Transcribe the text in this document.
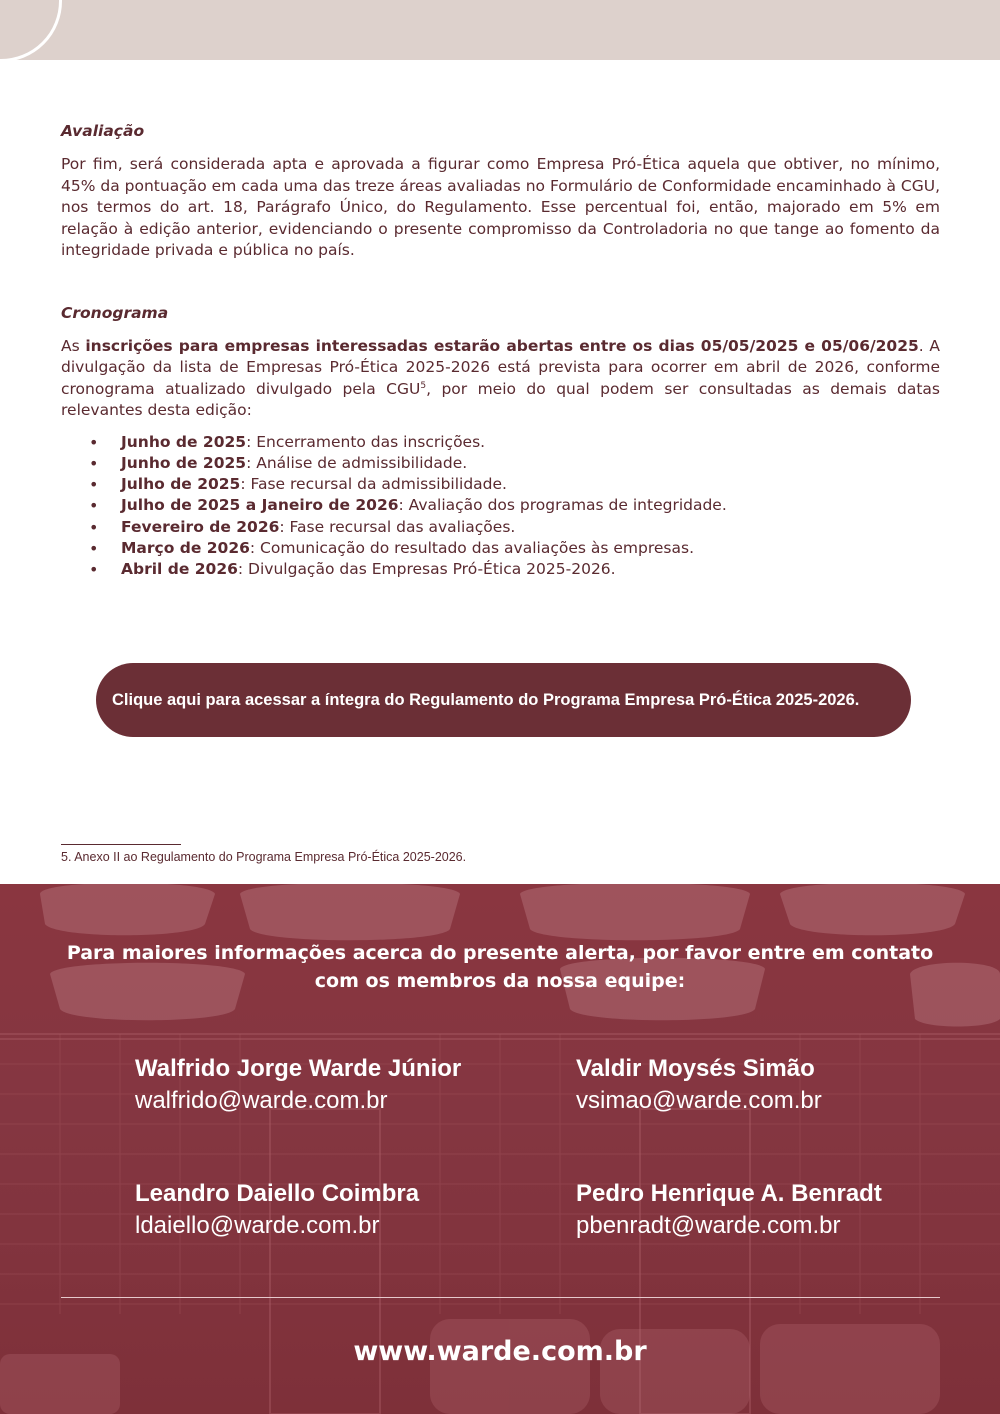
Avaliação

Por fim, será considerada apta e aprovada a figurar como Empresa Pró-Ética aquela que obtiver, no mínimo, 45% da pontuação em cada uma das treze áreas avaliadas no Formulário de Conformidade encaminhado à CGU, nos termos do art. 18, Parágrafo Único, do Regulamento. Esse percentual foi, então, majorado em 5% em relação à edição anterior, evidenciando o presente compromisso da Controladoria no que tange ao fomento da integridade privada e pública no país.

Cronograma

As inscrições para empresas interessadas estarão abertas entre os dias 05/05/2025 e 05/06/2025. A divulgação da lista de Empresas Pró-Ética 2025-2026 está prevista para ocorrer em abril de 2026, conforme cronograma atualizado divulgado pela CGU$^5$, por meio do qual podem ser consultadas as demais datas relevantes desta edição:

• Junho de 2025: Encerramento das inscrições.
• Junho de 2025: Análise de admissibilidade.
• Julho de 2025: Fase recursal da admissibilidade.
• Julho de 2025 a Janeiro de 2026: Avaliação dos programas de integridade.
• Fevereiro de 2026: Fase recursal das avaliações.
• Março de 2026: Comunicação do resultado das avaliações às empresas.
• Abril de 2026: Divulgação das Empresas Pró-Ética 2025-2026.
Clique aqui para acessar a íntegra do Regulamento do Programa Empresa Pró-Ética 2025-2026.
5. Anexo II ao Regulamento do Programa Empresa Pró-Ética 2025-2026.
Para maiores informações acerca do presente alerta, por favor entre em contato com os membros da nossa equipe:
Walfrido Jorge Warde Júnior
walfrido@warde.com.br
Valdir Moysés Simão
vsimao@warde.com.br
Leandro Daiello Coimbra
ldaiello@warde.com.br
Pedro Henrique A. Benradt
pbenradt@warde.com.br
www.warde.com.br
